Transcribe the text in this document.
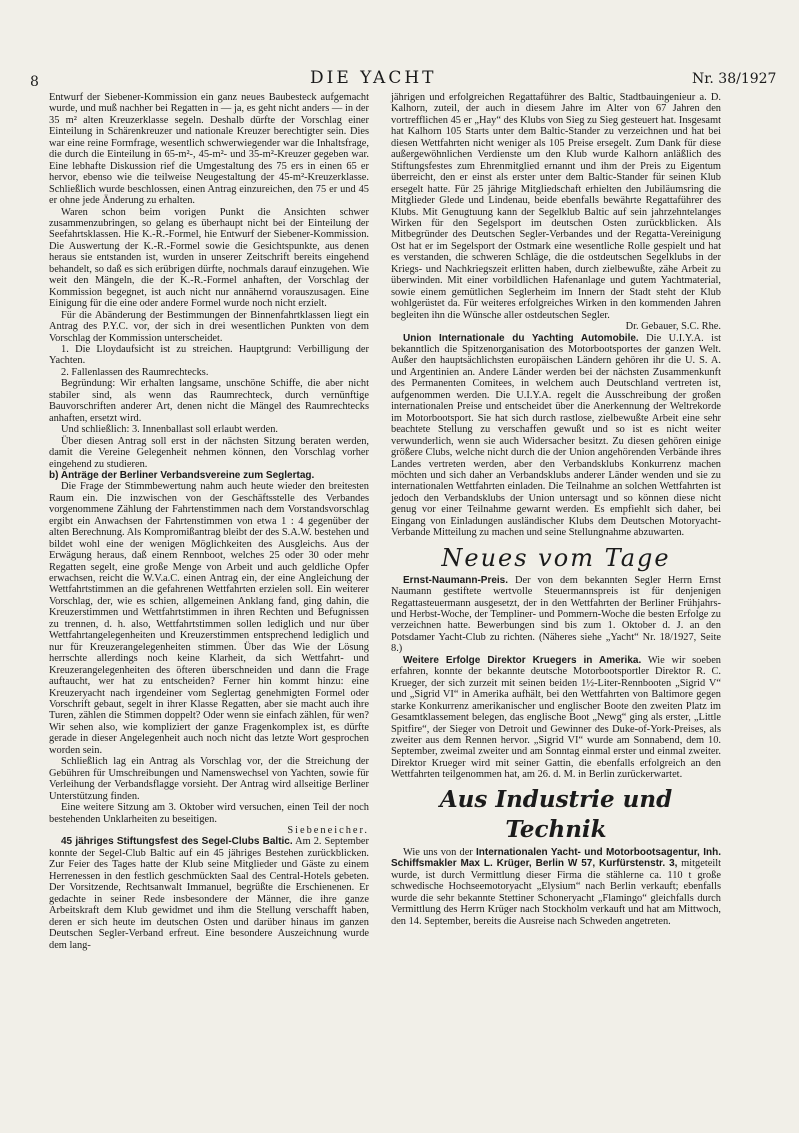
8	DIE YACHT	Nr. 38/1927

Entwurf der Siebener-Kommission ein ganz neues Baubesteck aufgemacht wurde, und muß nachher bei Regatten in — ja, es geht nicht anders — in der 35 m² alten Kreuzerklasse segeln. Deshalb dürfte der Vorschlag einer Einteilung in Schärenkreuzer und nationale Kreuzer berechtigter sein. Dies war eine reine Formfrage, wesentlich schwerwiegender war die Inhaltsfrage, die durch die Einteilung in 65-m²-, 45-m²- und 35-m²-Kreuzer gegeben war. Eine lebhafte Diskussion rief die Umgestaltung des 75 ers in einen 65 er hervor, ebenso wie die teilweise Neugestaltung der 45-m²-Kreuzerklasse. Schließlich wurde beschlossen, einen Antrag einzureichen, den 75 er und 45 er ohne jede Änderung zu erhalten.

Waren schon beim vorigen Punkt die Ansichten schwer zusammenzubringen, so gelang es überhaupt nicht bei der Einteilung der Seefahrtsklassen. Hie K.-R.-Formel, hie Entwurf der Siebener-Kommission. Die Auswertung der K.-R.-Formel sowie die Gesichtspunkte, aus denen heraus sie entstanden ist, wurden in unserer Zeitschrift bereits eingehend behandelt, so daß es sich erübrigen dürfte, nochmals darauf einzugehen. Wie weit den Mängeln, die der K.-R.-Formel anhaften, der Vorschlag der Kommission begegnet, ist auch nicht nur annähernd vorauszusagen. Eine Einigung für die eine oder andere Formel wurde noch nicht erzielt.

Für die Abänderung der Bestimmungen der Binnenfahrtklassen liegt ein Antrag des P.Y.C. vor, der sich in drei wesentlichen Punkten von dem Vorschlag der Kommission unterscheidet.

1. Die Lloydaufsicht ist zu streichen. Hauptgrund: Verbilligung der Yachten.

2. Fallenlassen des Raumrechtecks.

Begründung: Wir erhalten langsame, unschöne Schiffe, die aber nicht stabiler sind, als wenn das Raumrechteck, durch vernünftige Bauvorschriften anderer Art, denen nicht die Mängel des Raumrechtecks anhaften, ersetzt wird.

Und schließlich: 3. Innenballast soll erlaubt werden.

Über diesen Antrag soll erst in der nächsten Sitzung beraten werden, damit die Vereine Gelegenheit nehmen können, den Vorschlag vorher eingehend zu studieren.

b) Anträge der Berliner Verbandsvereine zum Seglertag.

Die Frage der Stimmbewertung nahm auch heute wieder den breitesten Raum ein. Die inzwischen von der Geschäftsstelle des Verbandes vorgenommene Zählung der Fahrtenstimmen nach dem Vorstandsvorschlag ergibt ein Anwachsen der Fahrtenstimmen von etwa 1 : 4 gegenüber der alten Berechnung. Als Kompromißantrag bleibt der des S.A.W. bestehen und bildet wohl eine der wenigen Möglichkeiten des Ausgleichs. Aus der Erwägung heraus, daß einem Rennboot, welches 25 oder 30 oder mehr Regatten segelt, eine große Menge von Arbeit und auch geldliche Opfer erwachsen, reicht die W.V.a.C. einen Antrag ein, der eine Angleichung der Wettfahrtstimmen an die gefahrenen Wettfahrten erzielen soll. Ein weiterer Vorschlag, der, wie es schien, allgemeinen Anklang fand, ging dahin, die Kreuzerstimmen und Wettfahrtstimmen in ihren Rechten und Befugnissen zu trennen, d. h. also, Wettfahrtstimmen sollen lediglich und nur über Wettfahrtangelegenheiten und Kreuzerstimmen entsprechend lediglich und nur für Kreuzerangelegenheiten stimmen. Über das Wie der Lösung herrschte allerdings noch keine Klarheit, da sich Wettfahrt- und Kreuzerangelegenheiten des öfteren überschneiden und dann die Frage auftaucht, wer hat zu entscheiden? Ferner hin kommt hinzu: eine Kreuzeryacht nach irgendeiner vom Seglertag genehmigten Formel oder Vorschrift gebaut, segelt in ihrer Klasse Regatten, aber sie macht auch ihre Turen, zählen die Stimmen doppelt? Oder wenn sie einfach zählen, für wen? Wir sehen also, wie kompliziert der ganze Fragenkomplex ist, es dürfte gerade in dieser Angelegenheit auch noch nicht das letzte Wort gesprochen worden sein.

Schließlich lag ein Antrag als Vorschlag vor, der die Streichung der Gebühren für Umschreibungen und Namenswechsel von Yachten, sowie für Verleihung der Verbandsflagge vorsieht. Der Antrag wird allseitige Berliner Unterstützung finden.

Eine weitere Sitzung am 3. Oktober wird versuchen, einen Teil der noch bestehenden Unklarheiten zu beseitigen.

Siebeneicher.

45 jähriges Stiftungsfest des Segel-Clubs Baltic. Am 2. September konnte der Segel-Club Baltic auf ein 45 jähriges Bestehen zurückblicken. Zur Feier des Tages hatte der Klub seine Mitglieder und Gäste zu einem Herrenessen in den festlich geschmückten Saal des Central-Hotels gebeten. Der Vorsitzende, Rechtsanwalt Immanuel, begrüßte die Erschienenen. Er gedachte in seiner Rede insbesondere der Männer, die ihre ganze Arbeitskraft dem Klub gewidmet und ihm die Stellung verschafft haben, deren er sich heute im deutschen Osten und darüber hinaus im ganzen Deutschen Segler-Verband erfreut. Eine besondere Auszeichnung wurde dem lang-

jährigen und erfolgreichen Regattaführer des Baltic, Stadtbauingenieur a. D. Kalhorn, zuteil, der auch in diesem Jahre im Alter von 67 Jahren den vortrefflichen 45 er „Hay“ des Klubs von Sieg zu Sieg gesteuert hat. Insgesamt hat Kalhorn 105 Starts unter dem Baltic-Stander zu verzeichnen und hat bei diesen Wettfahrten nicht weniger als 105 Preise ersegelt. Zum Dank für diese außergewöhnlichen Verdienste um den Klub wurde Kalhorn anläßlich des Stiftungsfestes zum Ehrenmitglied ernannt und ihm der Preis zu Eigentum überreicht, den er einst als erster unter dem Baltic-Stander für seinen Klub ersegelt hatte. Für 25 jährige Mitgliedschaft erhielten den Jubiläumsring die Mitglieder Glede und Lindenau, beide ebenfalls bewährte Regattaführer des Klubs. Mit Genugtuung kann der Segelklub Baltic auf sein jahrzehntelanges Wirken für den Segelsport im deutschen Osten zurückblicken. Als Mitbegründer des Deutschen Segler-Verbandes und der Regatta-Vereinigung Ost hat er im Segelsport der Ostmark eine wesentliche Rolle gespielt und hat es verstanden, die schweren Schläge, die die ostdeutschen Segelklubs in der Kriegs- und Nachkriegszeit erlitten haben, durch zielbewußte, zähe Arbeit zu überwinden. Mit einer vorbildlichen Hafenanlage und gutem Yachtmaterial, sowie einem gemütlichen Seglerheim im Innern der Stadt steht der Klub wohlgerüstet da. Für weiteres erfolgreiches Wirken in den kommenden Jahren begleiten ihn die Wünsche aller ostdeutschen Segler.

Dr. Gebauer, S.C. Rhe.

Union Internationale du Yachting Automobile. Die U.I.Y.A. ist bekanntlich die Spitzenorganisation des Motorbootsportes der ganzen Welt. Außer den hauptsächlichsten europäischen Ländern gehören ihr die U. S. A. und Argentinien an. Andere Länder werden bei der nächsten Zusammenkunft des Permanenten Comitees, in welchem auch Deutschland vertreten ist, aufgenommen werden. Die U.I.Y.A. regelt die Ausschreibung der großen internationalen Preise und entscheidet über die Anerkennung der Weltrekorde im Motorbootsport. Sie hat sich durch rastlose, zielbewußte Arbeit eine sehr beachtete Stellung zu verschaffen gewußt und so ist es nicht weiter verwunderlich, wenn sie auch Widersacher besitzt. Zu diesen gehören einige größere Clubs, welche nicht durch die der Union angehörenden Verbände ihres Landes vertreten werden, aber den Verbandsklubs Konkurrenz machen möchten und sich daher an Verbandsklubs anderer Länder wenden und sie zu internationalen Wettfahrten einladen. Die Teilnahme an solchen Wettfahrten ist jedoch den Verbandsklubs der Union untersagt und so können diese nicht genug vor einer Teilnahme gewarnt werden. Es empfiehlt sich daher, bei Eingang von Einladungen ausländischer Klubs dem Deutschen Motoryacht-Verbande Mitteilung zu machen und seine Stellungnahme abzuwarten.

Neues vom Tage

Ernst-Naumann-Preis. Der von dem bekannten Segler Herrn Ernst Naumann gestiftete wertvolle Steuermannspreis ist für denjenigen Regattasteuermann ausgesetzt, der in den Wettfahrten der Berliner Frühjahrs- und Herbst-Woche, der Templiner- und Pommern-Woche die besten Erfolge zu verzeichnen hatte. Bewerbungen sind bis zum 1. Oktober d. J. an den Potsdamer Yacht-Club zu richten. (Näheres siehe „Yacht“ Nr. 18/1927, Seite 8.)

Weitere Erfolge Direktor Kruegers in Amerika. Wie wir soeben erfahren, konnte der bekannte deutsche Motorbootsportler Direktor R. C. Krueger, der sich zurzeit mit seinen beiden 1½-Liter-Rennbooten „Sigrid V“ und „Sigrid VI“ in Amerika aufhält, bei den Wettfahrten von Baltimore gegen starke Konkurrenz amerikanischer und englischer Boote den zweiten Platz im Gesamtklassement belegen, das englische Boot „Newg“ ging als erster, „Little Spitfire“, der Sieger von Detroit und Gewinner des Duke-of-York-Preises, als zweiter aus dem Rennen hervor. „Sigrid VI“ wurde am Sonnabend, dem 10. September, zweimal zweiter und am Sonntag einmal erster und einmal zweiter. Direktor Krueger wird mit seiner Gattin, die ebenfalls erfolgreich an den Wettfahrten teilgenommen hat, am 26. d. M. in Berlin zurückerwartet.

Aus Industrie und Technik

Wie uns von der Internationalen Yacht- und Motorbootsagentur, Inh. Schiffsmakler Max L. Krüger, Berlin W 57, Kurfürstenstr. 3, mitgeteilt wurde, ist durch Vermittlung dieser Firma die stählerne ca. 110 t große schwedische Hochseemotoryacht „Elysium“ nach Berlin verkauft; ebenfalls wurde die sehr bekannte Stettiner Schoneryacht „Flamingo“ gleichfalls durch Vermittlung des Herrn Krüger nach Stockholm verkauft und hat am Mittwoch, den 14. September, bereits die Ausreise nach Schweden angetreten.
